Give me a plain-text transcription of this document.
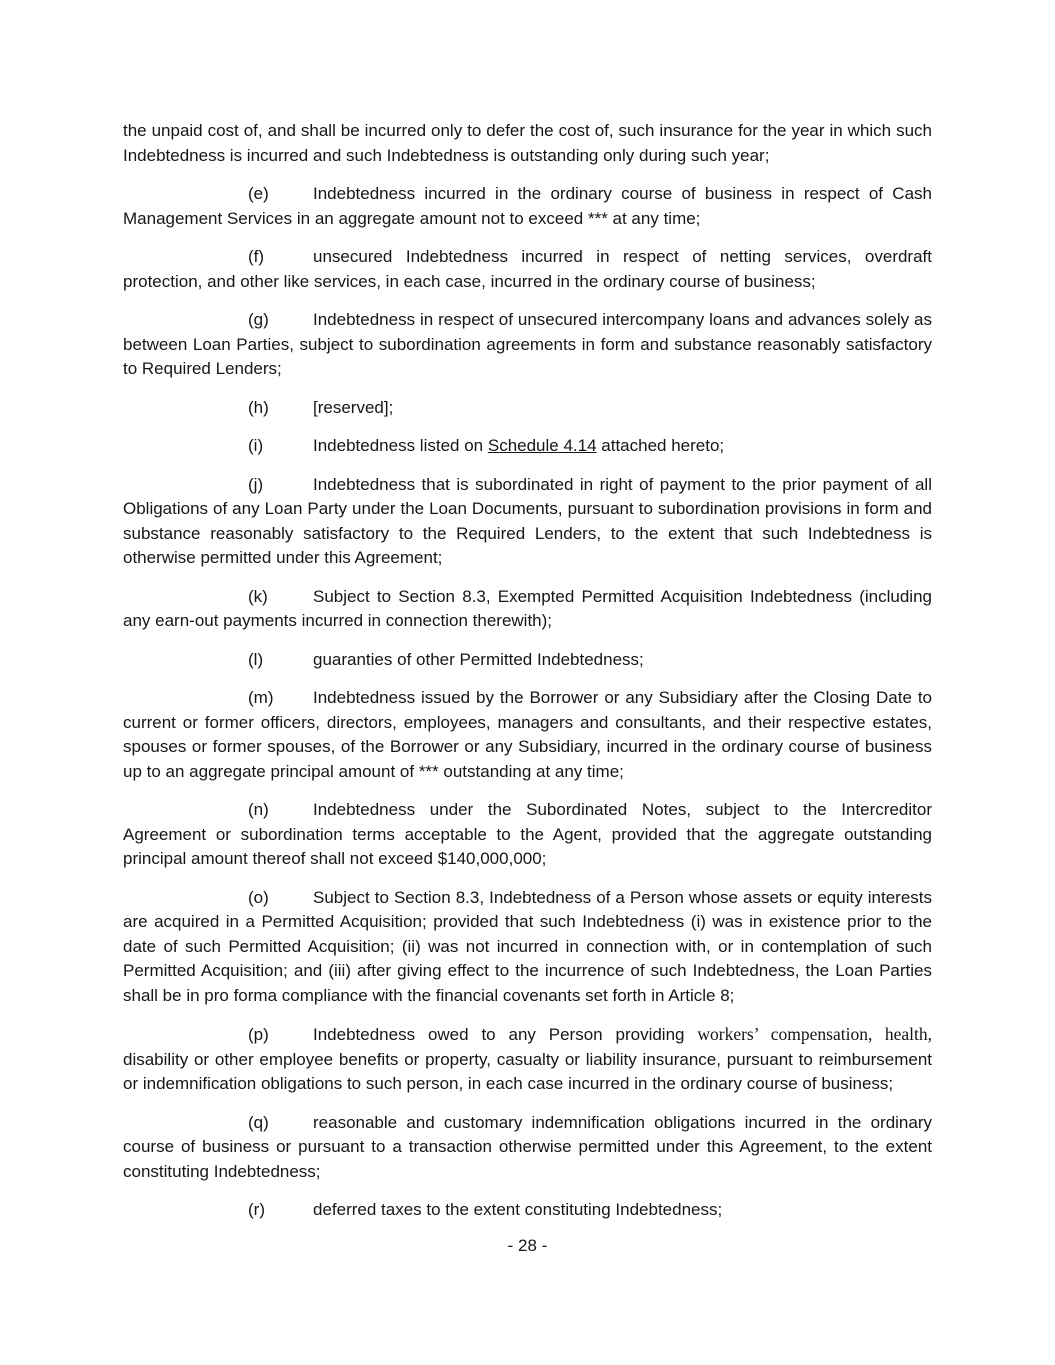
the unpaid cost of, and shall be incurred only to defer the cost of, such insurance for the year in which such Indebtedness is incurred and such Indebtedness is outstanding only during such year;

(e)	Indebtedness incurred in the ordinary course of business in respect of Cash Management Services in an aggregate amount not to exceed *** at any time;

(f)	unsecured Indebtedness incurred in respect of netting services, overdraft protection, and other like services, in each case, incurred in the ordinary course of business;

(g)	Indebtedness in respect of unsecured intercompany loans and advances solely as between Loan Parties, subject to subordination agreements in form and substance reasonably satisfactory to Required Lenders;

(h)	[reserved];

(i)	Indebtedness listed on Schedule 4.14 attached hereto;

(j)	Indebtedness that is subordinated in right of payment to the prior payment of all Obligations of any Loan Party under the Loan Documents, pursuant to subordination provisions in form and substance reasonably satisfactory to the Required Lenders, to the extent that such Indebtedness is otherwise permitted under this Agreement;

(k)	Subject to Section 8.3, Exempted Permitted Acquisition Indebtedness (including any earn-out payments incurred in connection therewith);

(l)	guaranties of other Permitted Indebtedness;

(m) Indebtedness issued by the Borrower or any Subsidiary after the Closing Date to current or former officers, directors, employees, managers and consultants, and their respective estates, spouses or former spouses, of the Borrower or any Subsidiary, incurred in the ordinary course of business up to an aggregate principal amount of *** outstanding at any time;

(n)	Indebtedness under the Subordinated Notes, subject to the Intercreditor Agreement or subordination terms acceptable to the Agent, provided that the aggregate outstanding principal amount thereof shall not exceed $140,000,000;

(o)	Subject to Section 8.3, Indebtedness of a Person whose assets or equity interests are acquired in a Permitted Acquisition; provided that such Indebtedness (i) was in existence prior to the date of such Permitted Acquisition; (ii) was not incurred in connection with, or in contemplation of such Permitted Acquisition; and (iii) after giving effect to the incurrence of such Indebtedness, the Loan Parties shall be in pro forma compliance with the financial covenants set forth in Article 8;

(p)	Indebtedness owed to any Person providing workers’ compensation, health, disability or other employee benefits or property, casualty or liability insurance, pursuant to reimbursement or indemnification obligations to such person, in each case incurred in the ordinary course of business;

(q)	reasonable and customary indemnification obligations incurred in the ordinary course of business or pursuant to a transaction otherwise permitted under this Agreement, to the extent constituting Indebtedness;

(r)	deferred taxes to the extent constituting Indebtedness;

- 28 -
